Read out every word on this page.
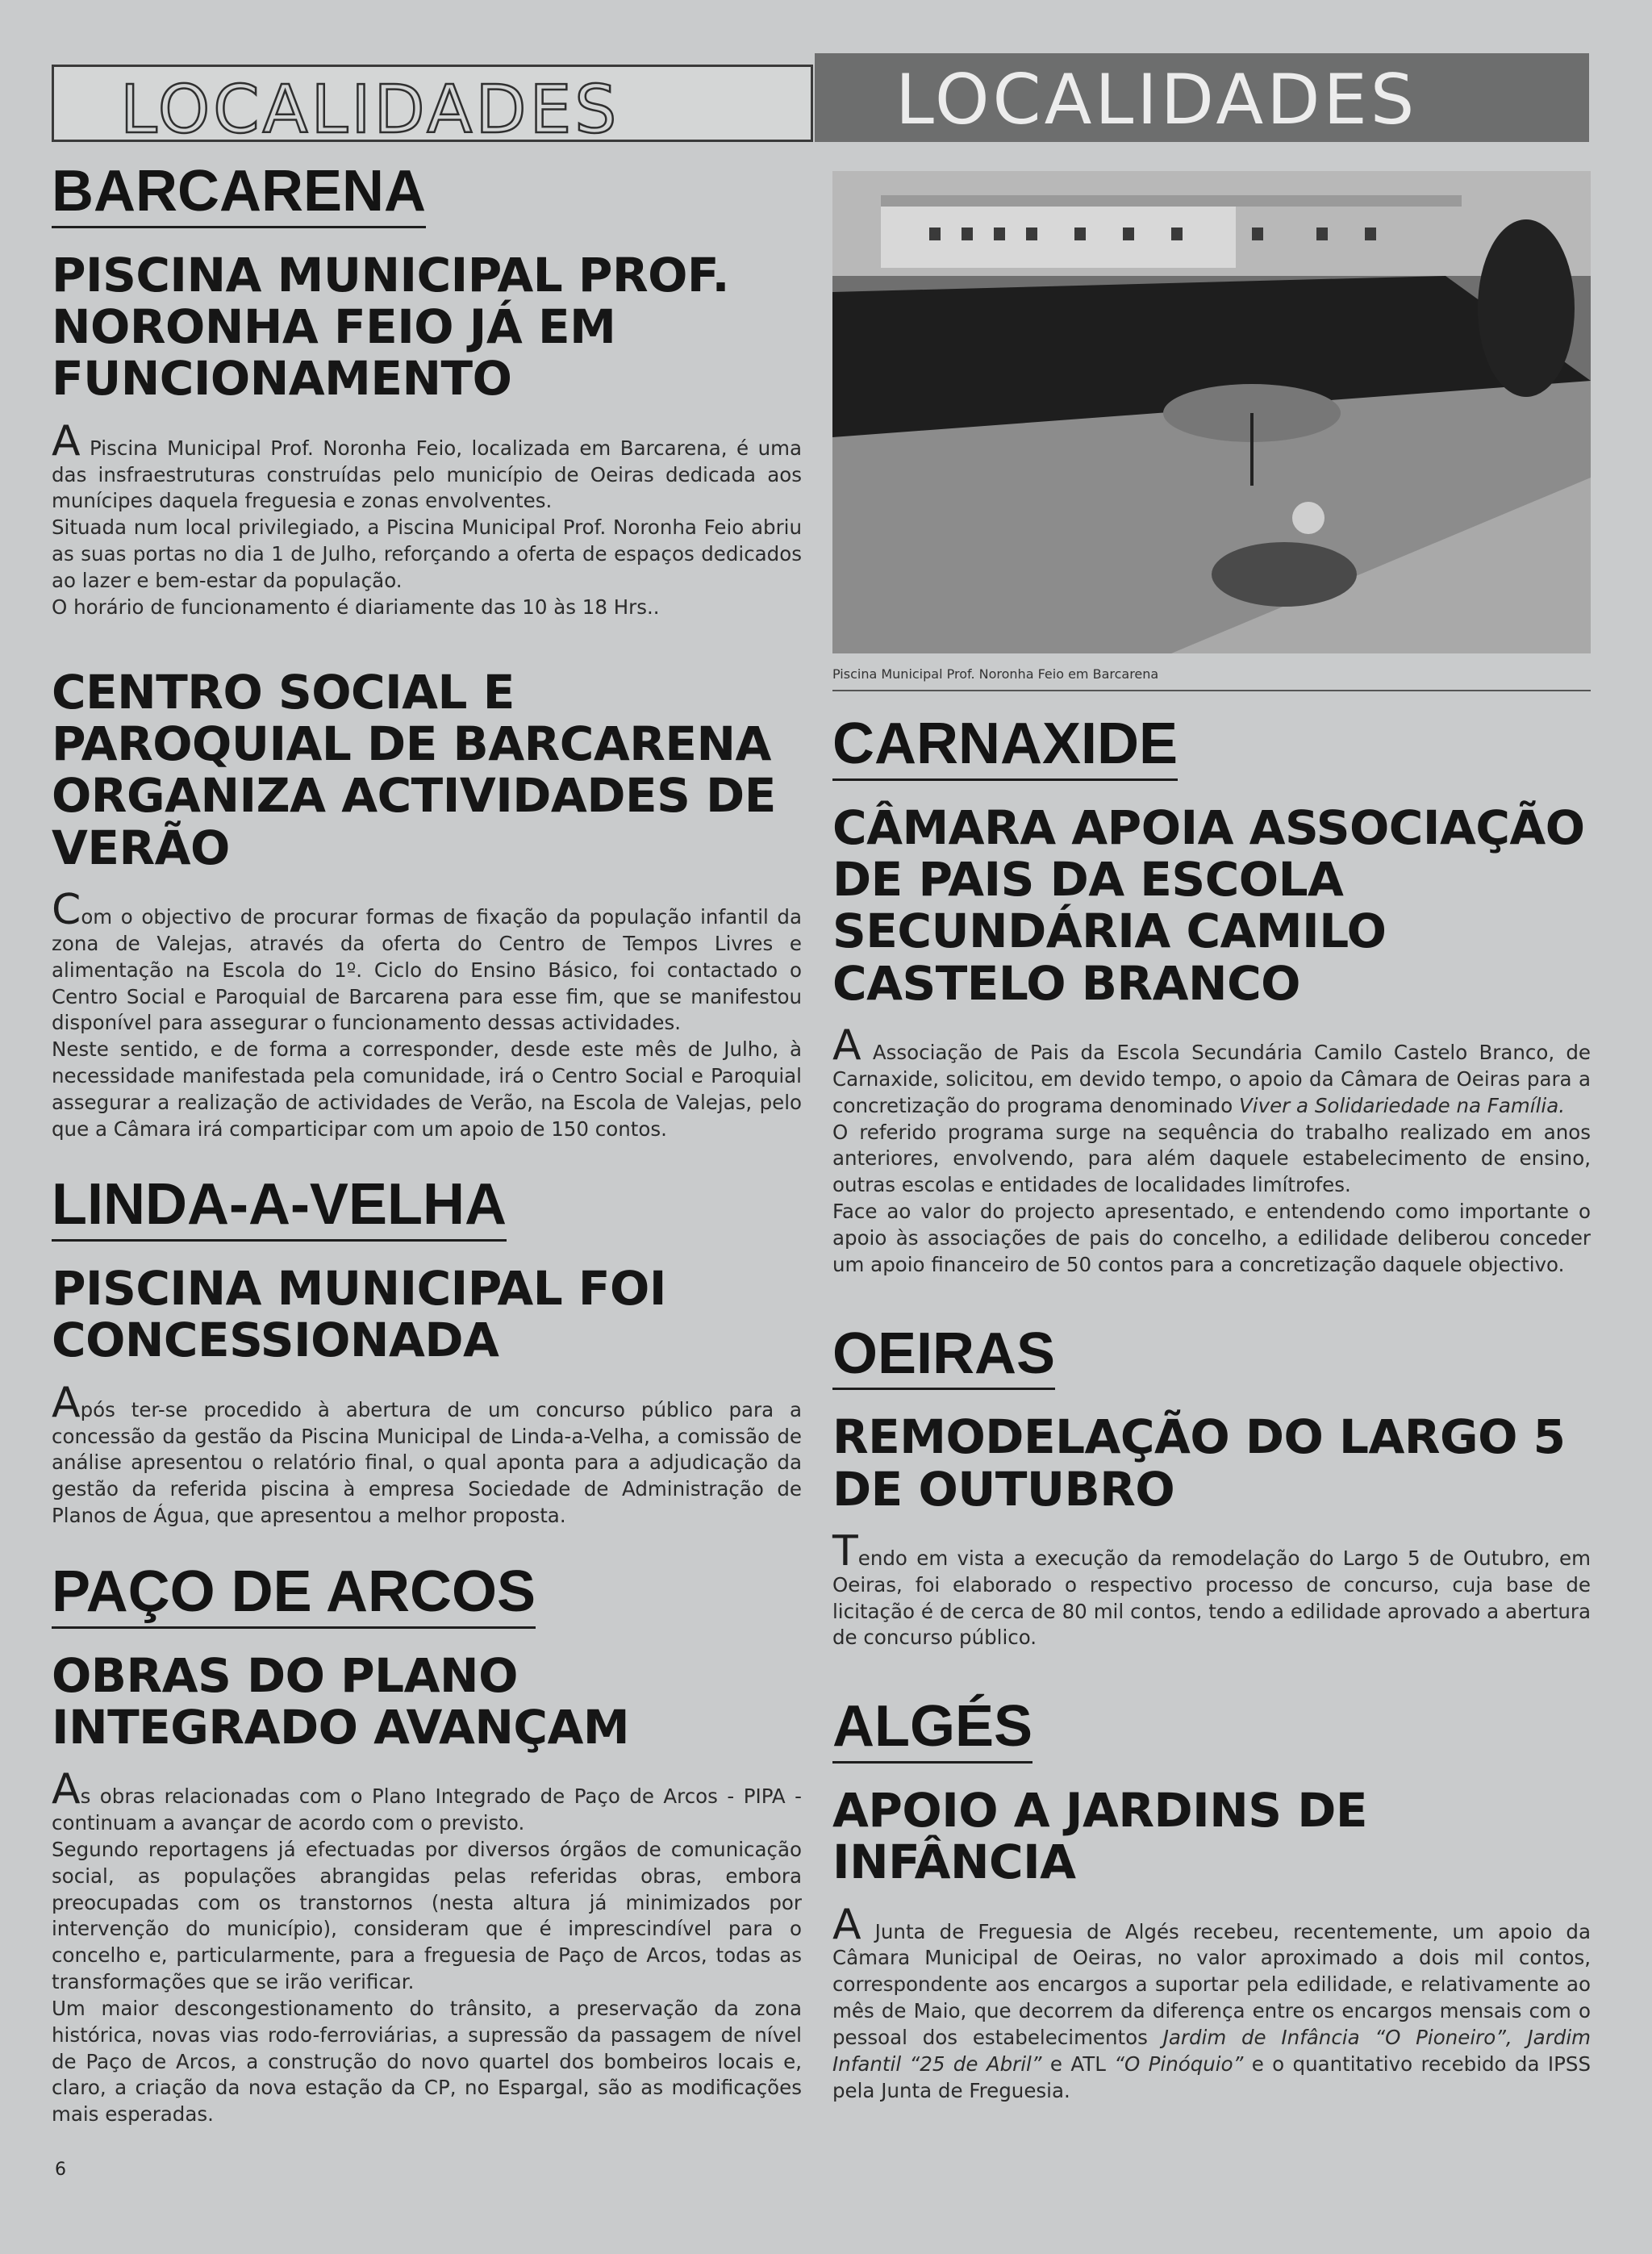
LOCALIDADES	LOCALIDADES
BARCARENA
PISCINA MUNICIPAL PROF. NORONHA FEIO JÁ EM FUNCIONAMENTO

A Piscina Municipal Prof. Noronha Feio, localizada em Barcarena, é uma das insfraestruturas construídas pelo município de Oeiras dedicada aos munícipes daquela freguesia e zonas envolventes.

Situada num local privilegiado, a Piscina Municipal Prof. Noronha Feio abriu as suas portas no dia 1 de Julho, reforçando a oferta de espaços dedicados ao lazer e bem-estar da população.

O horário de funcionamento é diariamente das 10 às 18 Hrs..

CENTRO SOCIAL E PAROQUIAL DE BARCARENA ORGANIZA ACTIVIDADES DE VERÃO

Com o objectivo de procurar formas de fixação da população infantil da zona de Valejas, através da oferta do Centro de Tempos Livres e alimentação na Escola do 1º. Ciclo do Ensino Básico, foi contactado o Centro Social e Paroquial de Barcarena para esse fim, que se manifestou disponível para assegurar o funcionamento dessas actividades.

Neste sentido, e de forma a corresponder, desde este mês de Julho, à necessidade manifestada pela comunidade, irá o Centro Social e Paroquial assegurar a realização de actividades de Verão, na Escola de Valejas, pelo que a Câmara irá comparticipar com um apoio de 150 contos.

LINDA-A-VELHA
PISCINA MUNICIPAL FOI CONCESSIONADA

Após ter-se procedido à abertura de um concurso público para a concessão da gestão da Piscina Municipal de Linda-a-Velha, a comissão de análise apresentou o relatório final, o qual aponta para a adjudicação da gestão da referida piscina à empresa Sociedade de Administração de Planos de Água, que apresentou a melhor proposta.

PAÇO DE ARCOS
OBRAS DO PLANO INTEGRADO AVANÇAM

As obras relacionadas com o Plano Integrado de Paço de Arcos - PIPA - continuam a avançar de acordo com o previsto.

Segundo reportagens já efectuadas por diversos órgãos de comunicação social, as populações abrangidas pelas referidas obras, embora preocupadas com os transtornos (nesta altura já minimizados por intervenção do município), consideram que é imprescindível para o concelho e, particularmente, para a freguesia de Paço de Arcos, todas as transformações que se irão verificar.

Um maior descongestionamento do trânsito, a preservação da zona histórica, novas vias rodo-ferroviárias, a supressão da passagem de nível de Paço de Arcos, a construção do novo quartel dos bombeiros locais e, claro, a criação da nova estação da CP, no Espargal, são as modificações mais esperadas.

Piscina Municipal Prof. Noronha Feio em Barcarena
CARNAXIDE
CÂMARA APOIA ASSOCIAÇÃO DE PAIS DA ESCOLA SECUNDÁRIA CAMILO CASTELO BRANCO

A Associação de Pais da Escola Secundária Camilo Castelo Branco, de Carnaxide, solicitou, em devido tempo, o apoio da Câmara de Oeiras para a concretização do programa denominado Viver a Solidariedade na Família.

O referido programa surge na sequência do trabalho realizado em anos anteriores, envolvendo, para além daquele estabelecimento de ensino, outras escolas e entidades de localidades limítrofes.

Face ao valor do projecto apresentado, e entendendo como importante o apoio às associações de pais do concelho, a edilidade deliberou conceder um apoio financeiro de 50 contos para a concretização daquele objectivo.

OEIRAS
REMODELAÇÃO DO LARGO 5 DE OUTUBRO

Tendo em vista a execução da remodelação do Largo 5 de Outubro, em Oeiras, foi elaborado o respectivo processo de concurso, cuja base de licitação é de cerca de 80 mil contos, tendo a edilidade aprovado a abertura de concurso público.

ALGÉS
APOIO A JARDINS DE INFÂNCIA

A Junta de Freguesia de Algés recebeu, recentemente, um apoio da Câmara Municipal de Oeiras, no valor aproximado a dois mil contos, correspondente aos encargos a suportar pela edilidade, e relativamente ao mês de Maio, que decorrem da diferença entre os encargos mensais com o pessoal dos estabelecimentos Jardim de Infância “O Pioneiro”, Jardim Infantil “25 de Abril” e ATL “O Pinóquio” e o quantitativo recebido da IPSS pela Junta de Freguesia.

6
